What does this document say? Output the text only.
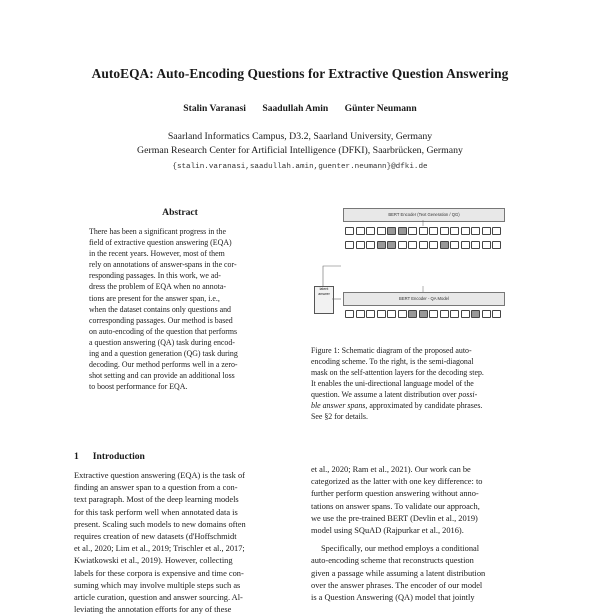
AutoEQA: Auto-Encoding Questions for Extractive Question Answering
Stalin Varanasi Saadullah Amin Günter Neumann
Saarland Informatics Campus, D3.2, Saarland University, Germany
German Research Center for Artificial Intelligence (DFKI), Saarbrücken, Germany
{stalin.varanasi,saadullah.amin,guenter.neumann}@dfki.de
Abstract
There has been a significant progress in the
field of extractive question answering (EQA)
in the recent years. However, most of them
rely on annotations of answer-spans in the cor-
responding passages. In this work, we ad-
dress the problem of EQA when no annota-
tions are present for the answer span, i.e.,
when the dataset contains only questions and
corresponding passages. Our method is based
on auto-encoding of the question that performs
a question answering (QA) task during encod-
ing and a question generation (QG) task during
decoding. Our method performs well in a zero-
shot setting and can provide an additional loss
to boost performance for EQA.
BERT Encoder (Text Generation / QG)
BERT Encoder - QA Model
latent answer
Figure 1: Schematic diagram of the proposed auto-
encoding scheme. To the right, is the semi-diagonal
mask on the self-attention layers for the decoding step.
It enables the uni-directional language model of the
question. We assume a latent distribution over possi-
ble answer spans, approximated by candidate phrases.
See §2 for details.
1 Introduction
Extractive question answering (EQA) is the task of
finding an answer span to a question from a con-
text paragraph. Most of the deep learning models
for this task perform well when annotated data is
present. Scaling such models to new domains often
requires creation of new datasets (d'Hoffschmidt
et al., 2020; Lim et al., 2019; Trischler et al., 2017;
Kwiatkowski et al., 2019). However, collecting
labels for these corpora is expensive and time con-
suming which may involve multiple steps such as
article curation, question and answer sourcing. Al-
leviating the annotation efforts for any of these
et al., 2020; Ram et al., 2021). Our work can be
categorized as the latter with one key difference: to
further perform question answering without anno-
tations on answer spans. To validate our approach,
we use the pre-trained BERT (Devlin et al., 2019)
model using SQuAD (Rajpurkar et al., 2016).
Specifically, our method employs a conditional
auto-encoding scheme that reconstructs question
given a passage while assuming a latent distribution
over the answer phrases. The encoder of our model
is a Question Answering (QA) model that jointly
